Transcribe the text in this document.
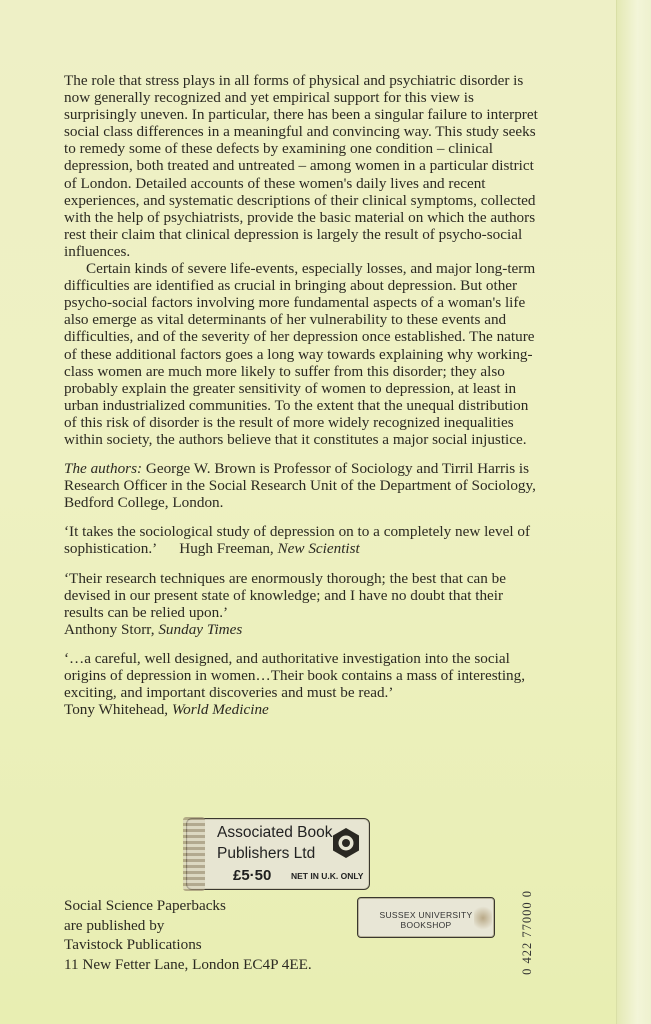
The role that stress plays in all forms of physical and psychiatric disorder is now generally recognized and yet empirical support for this view is surprisingly uneven. In particular, there has been a singular failure to interpret social class differences in a meaningful and convincing way. This study seeks to remedy some of these defects by examining one condition – clinical depression, both treated and untreated – among women in a particular district of London. Detailed accounts of these women's daily lives and recent experiences, and systematic descriptions of their clinical symptoms, collected with the help of psychiatrists, provide the basic material on which the authors rest their claim that clinical depression is largely the result of psycho-social influences.

Certain kinds of severe life-events, especially losses, and major long-term difficulties are identified as crucial in bringing about depression. But other psycho-social factors involving more fundamental aspects of a woman's life also emerge as vital determinants of her vulnerability to these events and difficulties, and of the severity of her depression once established. The nature of these additional factors goes a long way towards explaining why working-class women are much more likely to suffer from this disorder; they also probably explain the greater sensitivity of women to depression, at least in urban industrialized communities. To the extent that the unequal distribution of this risk of disorder is the result of more widely recognized inequalities within society, the authors believe that it constitutes a major social injustice.

The authors: George W. Brown is Professor of Sociology and Tirril Harris is Research Officer in the Social Research Unit of the Department of Sociology, Bedford College, London.

‘It takes the sociological study of depression on to a completely new level of sophistication.’ Hugh Freeman, New Scientist

‘Their research techniques are enormously thorough; the best that can be devised in our present state of knowledge; and I have no doubt that their results can be relied upon.’
Anthony Storr, Sunday Times

‘…a careful, well designed, and authoritative investigation into the social origins of depression in women…Their book contains a mass of interesting, exciting, and important discoveries and must be read.’Tony Whitehead, World Medicine

Associated Book
Publishers Ltd
£5·50 NET IN U.K. ONLY
Social Science Paperbacks
are published by
Tavistock Publications
11 New Fetter Lane, London EC4P 4EE.
SUSSEX UNIVERSITY
BOOKSHOP	0 422 77000 0
